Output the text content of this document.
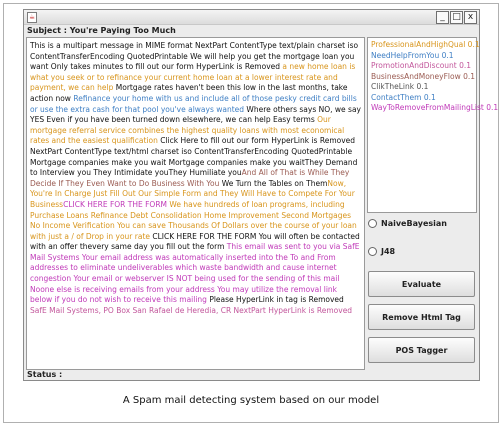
☕	_ □ x
Subject : You're Paying Too Much

This is a multipart message in MIME format NextPart ContentType text/plain charset iso ContentTransferEncoding QuotedPrintable We will help you get the mortgage loan you want Only takes minutes to fill out our form HyperLink is Removed a new home loan is what you seek or to refinance your current home loan at a lower interest rate and payment, we can help Mortgage rates haven't been this low in the last months, take action now Refinance your home with us and include all of those pesky credit card bills or use the extra cash for that pool you've always wanted Where others says NO, we say YES Even if you have been turned down elsewhere, we can help Easy terms Our mortgage referral service combines the highest quality loans with most economical rates and the easiest qualification Click Here to fill out our form HyperLink is Removed NextPart ContentType text/html charset iso ContentTransferEncoding QuotedPrintable Mortgage companies make you wait Mortgage companies make you waitThey Demand to Interview you They Intimidate youThey Humiliate youAnd All of That is While They Decide If They Even Want to Do Business With You We Turn the Tables on ThemNow, You're In Charge Just Fill Out Our Simple Form and They Will Have to Compete For Your BusinessCLICK HERE FOR THE FORM We have hundreds of loan programs, including Purchase Loans Refinance Debt Consolidation Home Improvement Second Mortgages No Income Verification You can save Thousands Of Dollars over the course of your loan with just a / of Drop in your rate CLICK HERE FOR THE FORM You will often be contacted with an offer thevery same day you fill out the form This email was sent to you via SafE Mail Systems Your email address was automatically inserted into the To and From addresses to eliminate undeliverables which waste bandwidth and cause internet congestion Your email or webserver IS NOT being used for the sending of this mail Noone else is receiving emails from your address You may utilize the removal link below if you do not wish to receive this mailing Please HyperLink in tag is Removed SafE Mail Systems, PO Box San Rafael de Heredia, CR NextPart HyperLink is Removed

ProfessionalAndHighQual 0.1
NeedHelpFromYou 0.1
PromotionAndDiscount 0.1
BusinessAndMoneyFlow 0.1
ClikTheLink 0.1
ContactThem 0.1
WayToRemoveFromMailingList 0.1
NaiveBayesian
J48
Evaluate
Remove Html Tag
POS Tagger
Status :
A Spam mail detecting system based on our model
